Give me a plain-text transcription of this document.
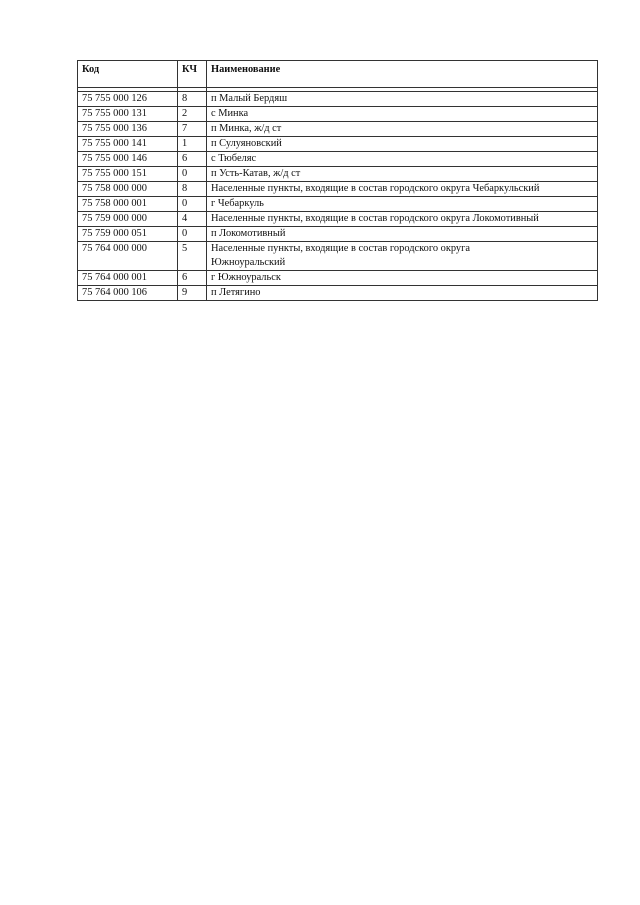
Код	КЧ	Наименование

75 755 000 126	8	п Малый Бердяш
75 755 000 131	2	с Минка
75 755 000 136	7	п Минка, ж/д ст
75 755 000 141	1	п Сулуяновский
75 755 000 146	6	с Тюбеляс
75 755 000 151	0	п Усть-Катав, ж/д ст
75 758 000 000	8	Населенные пункты, входящие в состав городского округа Чебаркульский
75 758 000 001	0	г Чебаркуль
75 759 000 000	4	Населенные пункты, входящие в состав городского округа Локомотивный
75 759 000 051	0	п Локомотивный
75 764 000 000	5	Населенные пункты, входящие в состав городского округа Южноуральский
75 764 000 001	6	г Южноуральск
75 764 000 106	9	п Летягино
